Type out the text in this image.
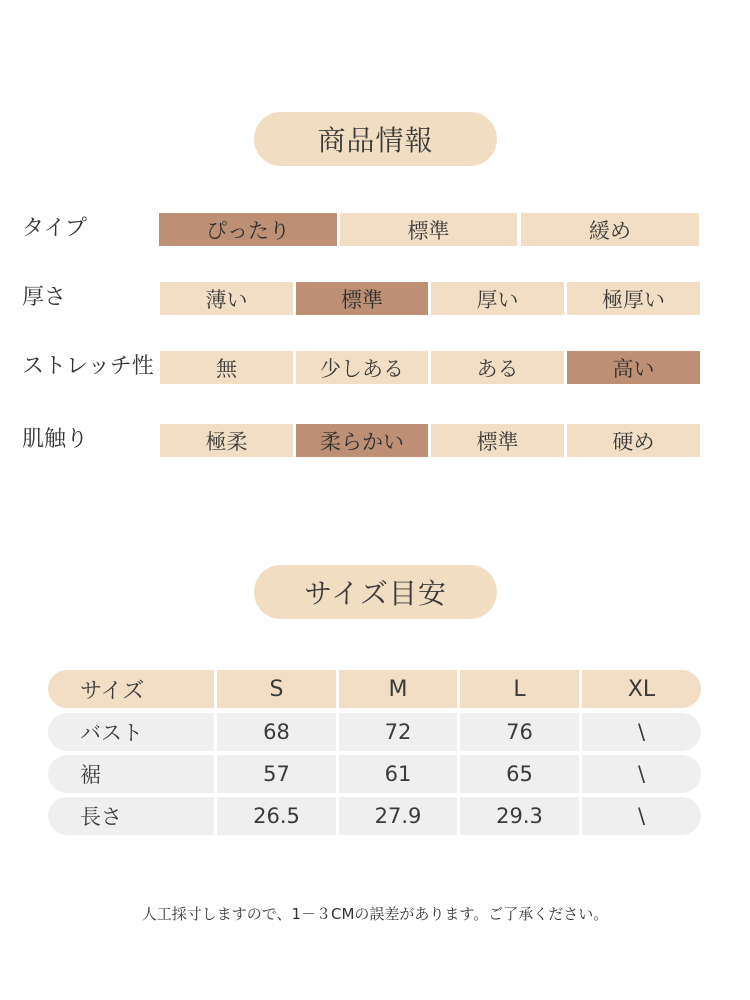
商品情報
タイプ	ぴったり	標準	緩め
厚さ	薄い	標準	厚い	極厚い
ストレッチ性	無	少しある	ある	高い
肌触り	極柔	柔らかい	標準	硬め
サイズ目安
サイズ	S	M	L	XL
バスト	68	72	76	\
裾	57	61	65	\
長さ	26.5	27.9	29.3	\
人工採寸しますので、1－３CMの誤差があります。ご了承ください。
